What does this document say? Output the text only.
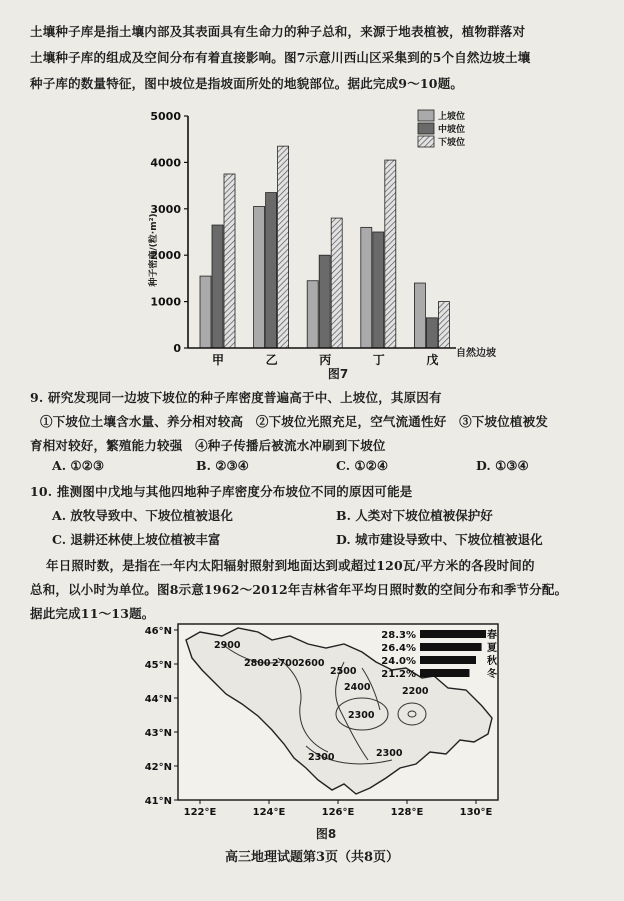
土壤种子库是指土壤内部及其表面具有生命力的种子总和，来源于地表植被，植物群落对
土壤种子库的组成及空间分布有着直接影响。图7示意川西山区采集到的5个自然边坡土壤
种子库的数量特征，图中坡位是指坡面所处的地貌部位。据此完成9～10题。
0
1000
2000
3000
4000
5000
甲	乙	丙	丁	戊
上坡位
中坡位
下坡位
种子密度/(粒·m²)
自然边坡
图7
9. 研究发现同一边坡下坡位的种子库密度普遍高于中、上坡位，其原因有
①下坡位土壤含水量、养分相对较高　②下坡位光照充足，空气流通性好　③下坡位植被发
育相对较好，繁殖能力较强　④种子传播后被流水冲刷到下坡位
A. ①②③	B. ②③④	C. ①②④	D. ①③④
10. 推测图中戊地与其他四地种子库密度分布坡位不同的原因可能是
A. 放牧导致中、下坡位植被退化	B. 人类对下坡位植被保护好
C. 退耕还林使上坡位植被丰富	D. 城市建设导致中、下坡位植被退化
年日照时数，是指在一年内太阳辐射照射到地面达到或超过120瓦/平方米的各段时间的
总和，以小时为单位。图8示意1962～2012年吉林省年平均日照时数的空间分布和季节分配。
据此完成11～13题。
2900
2800 2700 2600
2500
2400
2300
2300	2300
2200
46°N
45°N
44°N
43°N
42°N
41°N
122°E	124°E	126°E	128°E	130°E
28.3%	春
26.4%	夏
24.0%	秋
21.2%	冬
图8
高三地理试题第3页（共8页）
